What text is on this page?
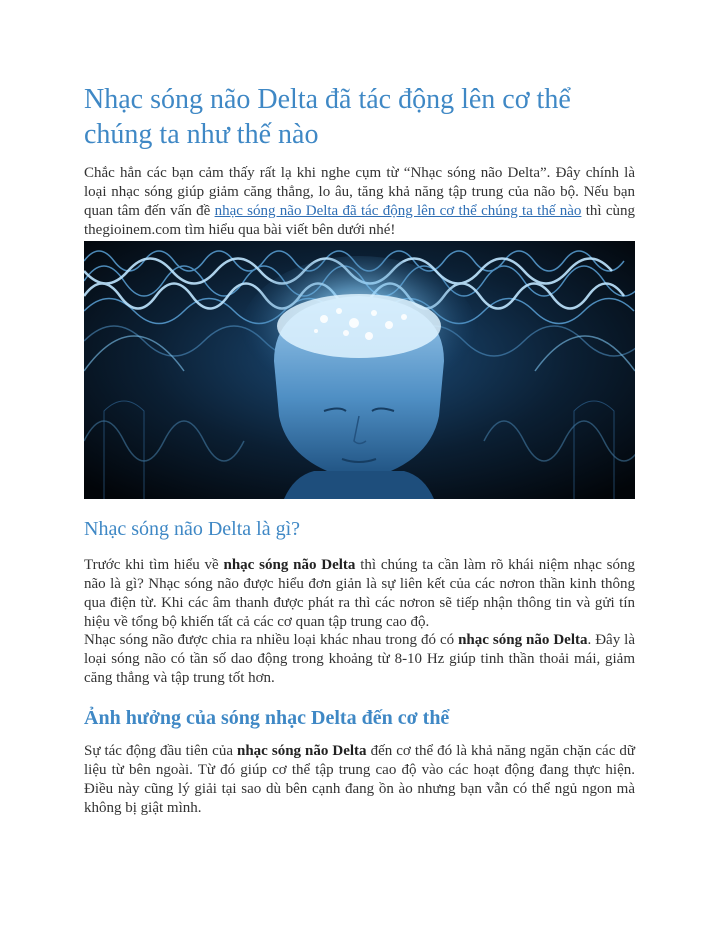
Nhạc sóng não Delta đã tác động lên cơ thể chúng ta như thế nào

Chắc hẳn các bạn cảm thấy rất lạ khi nghe cụm từ “Nhạc sóng não Delta”. Đây chính là loại nhạc sóng giúp giảm căng thẳng, lo âu, tăng khả năng tập trung của não bộ. Nếu bạn quan tâm đến vấn đề nhạc sóng não Delta đã tác động lên cơ thể chúng ta thế nào thì cùng thegioinem.com tìm hiểu qua bài viết bên dưới nhé!

Nhạc sóng não Delta là gì?

Trước khi tìm hiểu về nhạc sóng não Delta thì chúng ta cần làm rõ khái niệm nhạc sóng não là gì? Nhạc sóng não được hiểu đơn giản là sự liên kết của các nơron thần kinh thông qua điện từ. Khi các âm thanh được phát ra thì các nơron sẽ tiếp nhận thông tin và gửi tín hiệu về tổng bộ khiến tất cả các cơ quan tập trung cao độ.

Nhạc sóng não được chia ra nhiều loại khác nhau trong đó có nhạc sóng não Delta. Đây là loại sóng não có tần số dao động trong khoảng từ 8-10 Hz giúp tinh thần thoải mái, giảm căng thẳng và tập trung tốt hơn.

Ảnh hưởng của sóng nhạc Delta đến cơ thể

Sự tác động đầu tiên của nhạc sóng não Delta đến cơ thể đó là khả năng ngăn chặn các dữ liệu từ bên ngoài. Từ đó giúp cơ thể tập trung cao độ vào các hoạt động đang thực hiện. Điều này cũng lý giải tại sao dù bên cạnh đang ồn ào nhưng bạn vẫn có thể ngủ ngon mà không bị giật mình.
